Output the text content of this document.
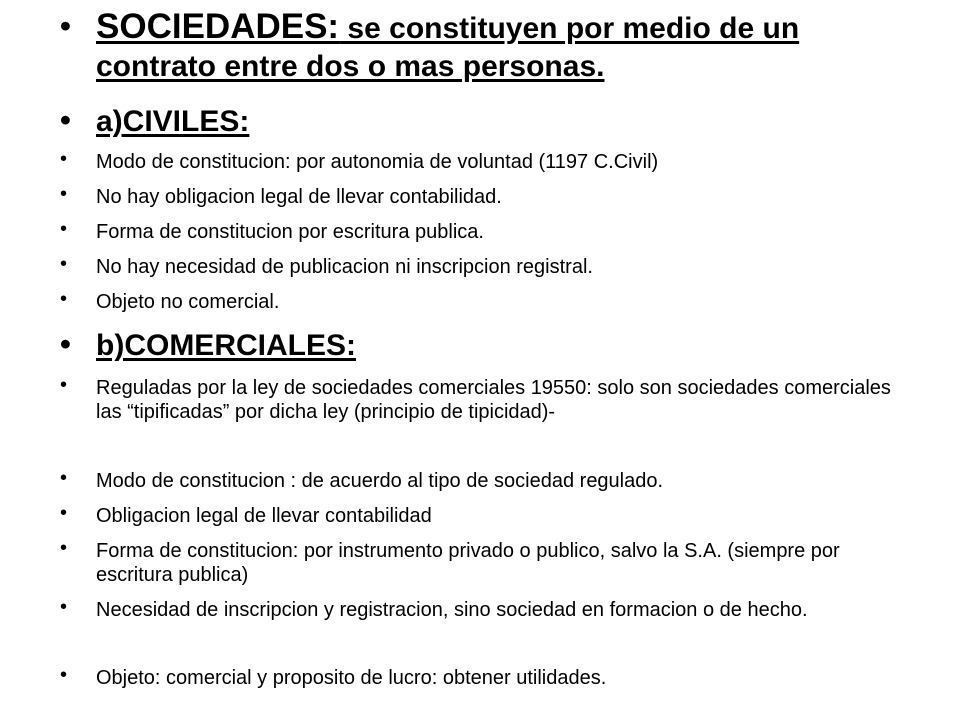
• SOCIEDADES: se constituyen por medio de un contrato entre dos o mas personas.

• a)CIVILES:

• Modo de constitucion: por autonomia de voluntad (1197 C.Civil)

• No hay obligacion legal de llevar contabilidad.

• Forma de constitucion por escritura publica.

• No hay necesidad de publicacion ni inscripcion registral.

• Objeto no comercial.

• b)COMERCIALES:

• Reguladas por la ley de sociedades comerciales 19550: solo son sociedades comerciales las “tipificadas” por dicha ley (principio de tipicidad)-

• Modo de constitucion : de acuerdo al tipo de sociedad regulado.

• Obligacion legal de llevar contabilidad

• Forma de constitucion: por instrumento privado o publico, salvo la S.A. (siempre por escritura publica)

• Necesidad de inscripcion y registracion, sino sociedad en formacion o de hecho.

• Objeto: comercial y proposito de lucro: obtener utilidades.
